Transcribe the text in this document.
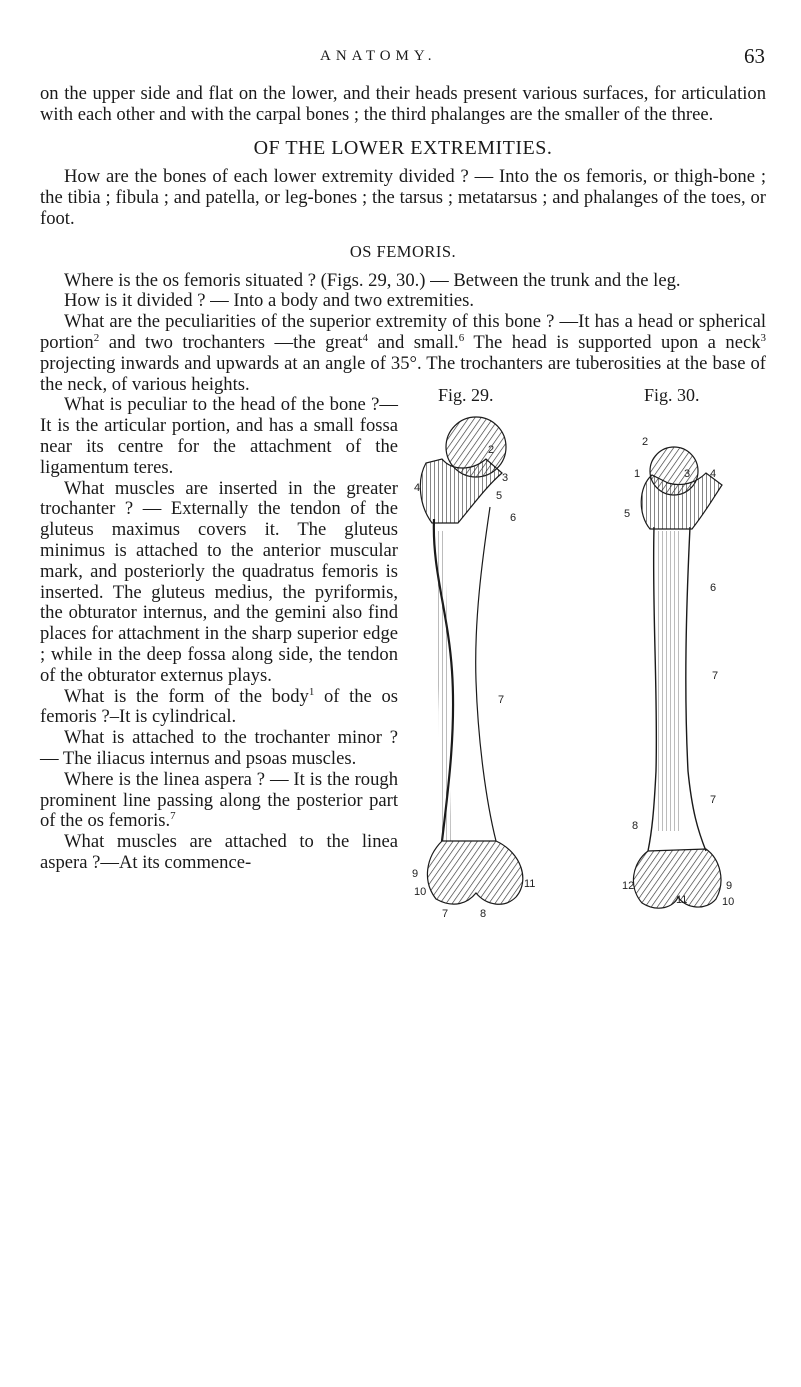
ANATOMY.	63

on the upper side and flat on the lower, and their heads present various surfaces, for articulation with each other and with the carpal bones ; the third phalanges are the smaller of the three.

OF THE LOWER EXTREMITIES.

How are the bones of each lower extremity divided ? — Into the os femoris, or thigh-bone ; the tibia ; fibula ; and patella, or leg-bones ; the tarsus ; metatarsus ; and phalanges of the toes, or foot.

OS FEMORIS.

Where is the os femoris situated ? (Figs. 29, 30.) — Between the trunk and the leg.

How is it divided ? — Into a body and two extremities.

What are the peculiarities of the superior extremity of this bone ? —It has a head or spherical portion$^2$ and two trochanters —the great$^4$ and small.$^6$ The head is supported upon a neck$^3$ projecting inwards and upwards at an angle of 35°. The
Fig. 29.	Fig. 30.
2
3
4
5
6
7
9
10
11
8
7
2
1	3 4
5
6
7
7
8
12	9
11	10
trochanters are tuberosities at the base of the neck, of various heights.

What is peculiar to the head of the bone ?—It is the articular portion, and has a small fossa near its centre for the attachment of the ligamentum teres.

What muscles are inserted in the greater trochanter ? — Externally the tendon of the gluteus maximus covers it. The gluteus minimus is attached to the anterior muscular mark, and posteriorly the quadratus femoris is inserted. The gluteus medius, the pyriformis, the obturator internus, and the gemini also find places for attachment in the sharp superior edge ; while in the deep fossa along side, the tendon of the obturator externus plays.

What is the form of the body$^1$ of the os femoris ?–It is cylindrical.

What is attached to the trochanter minor ? — The iliacus internus and psoas muscles.

Where is the linea aspera ? — It is the rough prominent line passing along the posterior part of the os femoris.$^7$

What muscles are attached to the linea aspera ?—At its commence-
